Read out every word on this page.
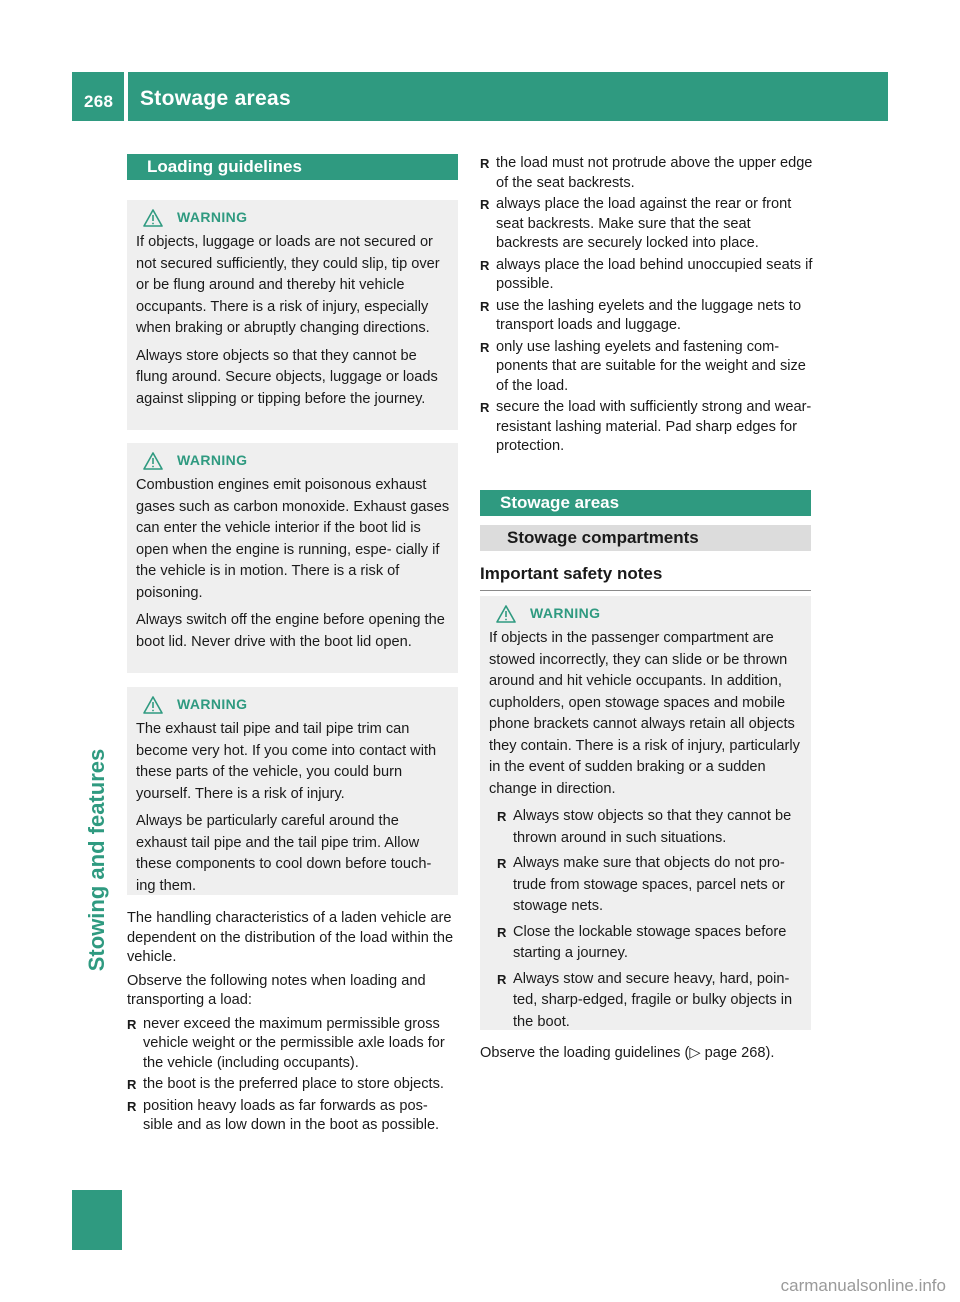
268 Stowage areas
Stowing and features
Loading guidelines
WARNING

If objects, luggage or loads are not secured or not secured sufficiently, they could slip, tip over or be flung around and thereby hit vehicle occupants. There is a risk of injury, especially when braking or abruptly changing directions.

Always store objects so that they cannot be flung around. Secure objects, luggage or loads against slipping or tipping before the journey.

WARNING

Combustion engines emit poisonous exhaust gases such as carbon monoxide. Exhaust gases can enter the vehicle interior if the boot lid is open when the engine is running, espe- cially if the vehicle is in motion. There is a risk of poisoning.

Always switch off the engine before opening the boot lid. Never drive with the boot lid open.

WARNING

The exhaust tail pipe and tail pipe trim can become very hot. If you come into contact with these parts of the vehicle, you could burn yourself. There is a risk of injury.

Always be particularly careful around the exhaust tail pipe and the tail pipe trim. Allow these components to cool down before touch- ing them.

The handling characteristics of a laden vehicle are dependent on the distribution of the load within the vehicle.

Observe the following notes when loading and transporting a load:

R never exceed the maximum permissible gross vehicle weight or the permissible axle loads for the vehicle (including occupants).
R the boot is the preferred place to store objects.
R position heavy loads as far forwards as pos- sible and as low down in the boot as possible.
R the load must not protrude above the upper edge of the seat backrests.
R always place the load against the rear or front seat backrests. Make sure that the seat backrests are securely locked into place.
R always place the load behind unoccupied seats if possible.
R use the lashing eyelets and the luggage nets to transport loads and luggage.
R only use lashing eyelets and fastening com- ponents that are suitable for the weight and size of the load.
R secure the load with sufficiently strong and wear-resistant lashing material. Pad sharp edges for protection.
Stowage areas
Stowage compartments
Important safety notes
WARNING

If objects in the passenger compartment are stowed incorrectly, they can slide or be thrown around and hit vehicle occupants. In addition, cupholders, open stowage spaces and mobile phone brackets cannot always retain all objects they contain. There is a risk of injury, particularly in the event of sudden braking or a sudden change in direction.

R Always stow objects so that they cannot be thrown around in such situations.
R Always make sure that objects do not pro- trude from stowage spaces, parcel nets or stowage nets.
R Close the lockable stowage spaces before starting a journey.
R Always stow and secure heavy, hard, poin- ted, sharp-edged, fragile or bulky objects in the boot.
Observe the loading guidelines (▷ page 268).
carmanualsonline.info
